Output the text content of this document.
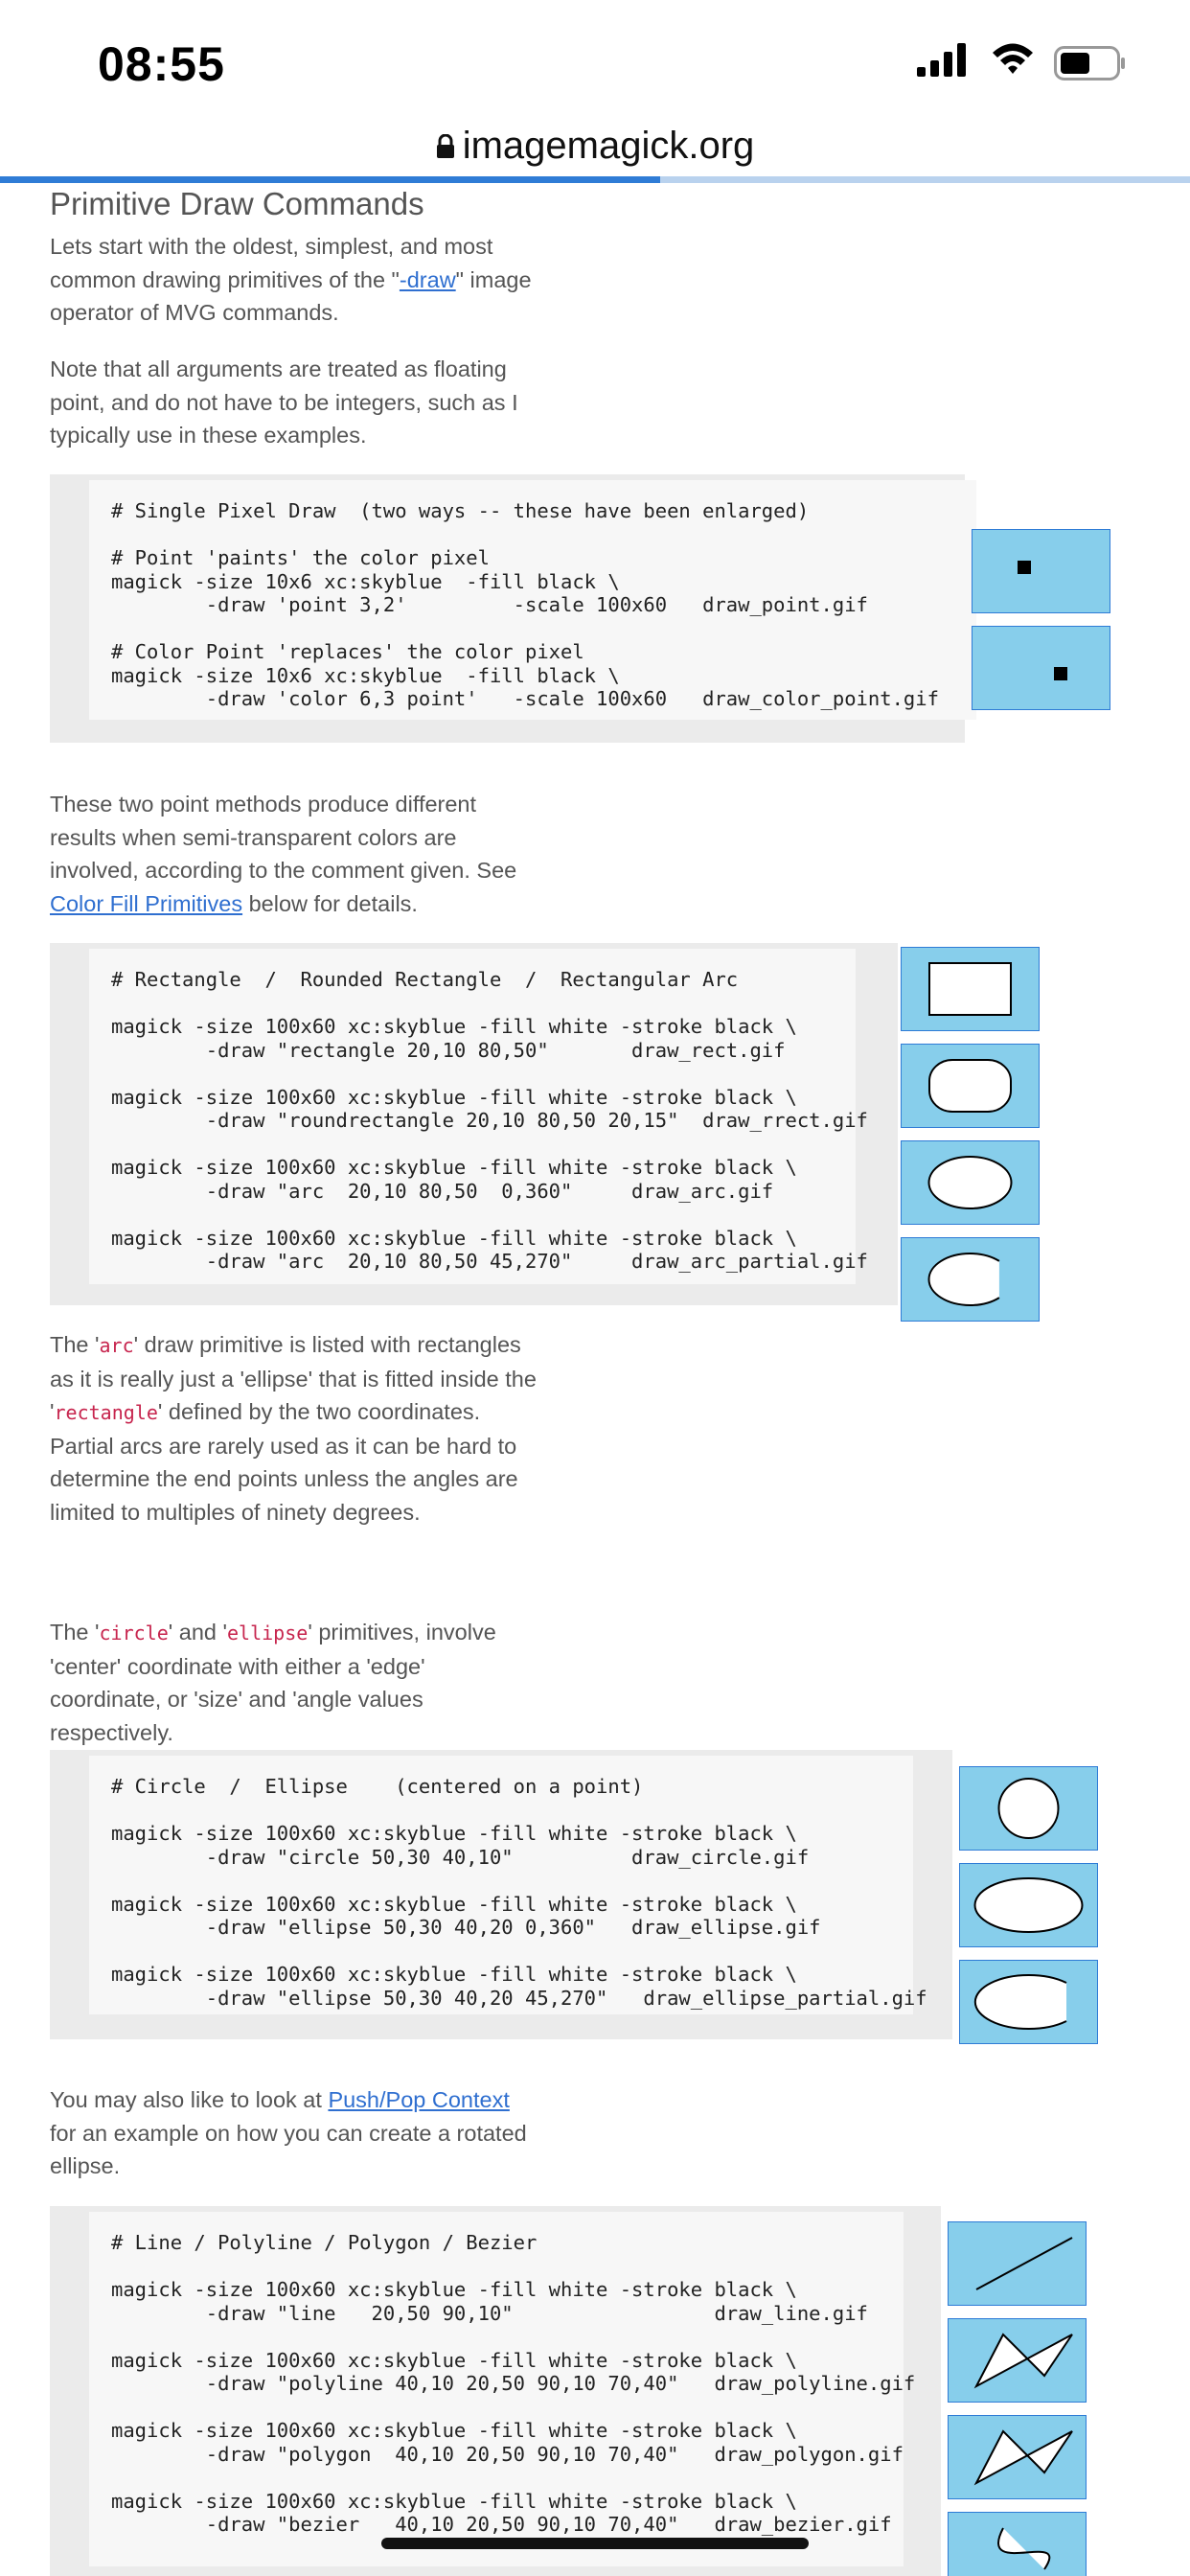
08:55
imagemagick.org
Primitive Draw Commands

Lets start with the oldest, simplest, and most common drawing primitives of the "-draw" image operator of MVG commands.

Note that all arguments are treated as floating point, and do not have to be integers, such as I typically use in these examples.

# Single Pixel Draw  (two ways -- these have been enlarged)

# Point 'paints' the color pixel
magick -size 10x6 xc:skyblue  -fill black \
-draw 'point 3,2'         -scale 100x60   draw_point.gif

# Color Point 'replaces' the color pixel
magick -size 10x6 xc:skyblue  -fill black \
-draw 'color 6,3 point'   -scale 100x60   draw_color_point.gif

These two point methods produce different results when semi-transparent colors are involved, according to the comment given. See Color Fill Primitives below for details.

# Rectangle  /  Rounded Rectangle  /  Rectangular Arc

magick -size 100x60 xc:skyblue -fill white -stroke black \
-draw "rectangle 20,10 80,50"       draw_rect.gif

magick -size 100x60 xc:skyblue -fill white -stroke black \
-draw "roundrectangle 20,10 80,50 20,15"  draw_rrect.gif

magick -size 100x60 xc:skyblue -fill white -stroke black \
-draw "arc  20,10 80,50  0,360"     draw_arc.gif

magick -size 100x60 xc:skyblue -fill white -stroke black \
-draw "arc  20,10 80,50 45,270"     draw_arc_partial.gif

The 'arc' draw primitive is listed with rectangles as it is really just a 'ellipse' that is fitted inside the 'rectangle' defined by the two coordinates. Partial arcs are rarely used as it can be hard to determine the end points unless the angles are limited to multiples of ninety degrees.

The 'circle' and 'ellipse' primitives, involve 'center' coordinate with either a 'edge' coordinate, or 'size' and 'angle values respectively.

# Circle  /  Ellipse    (centered on a point)

magick -size 100x60 xc:skyblue -fill white -stroke black \
-draw "circle 50,30 40,10"          draw_circle.gif

magick -size 100x60 xc:skyblue -fill white -stroke black \
-draw "ellipse 50,30 40,20 0,360"   draw_ellipse.gif

magick -size 100x60 xc:skyblue -fill white -stroke black \
-draw "ellipse 50,30 40,20 45,270"   draw_ellipse_partial.gif

You may also like to look at Push/Pop Context for an example on how you can create a rotated ellipse.

# Line / Polyline / Polygon / Bezier

magick -size 100x60 xc:skyblue -fill white -stroke black \
-draw "line   20,50 90,10"                 draw_line.gif

magick -size 100x60 xc:skyblue -fill white -stroke black \
-draw "polyline 40,10 20,50 90,10 70,40"   draw_polyline.gif

magick -size 100x60 xc:skyblue -fill white -stroke black \
-draw "polygon  40,10 20,50 90,10 70,40"   draw_polygon.gif

magick -size 100x60 xc:skyblue -fill white -stroke black \
-draw "bezier   40,10 20,50 90,10 70,40"   draw_bezier.gif
